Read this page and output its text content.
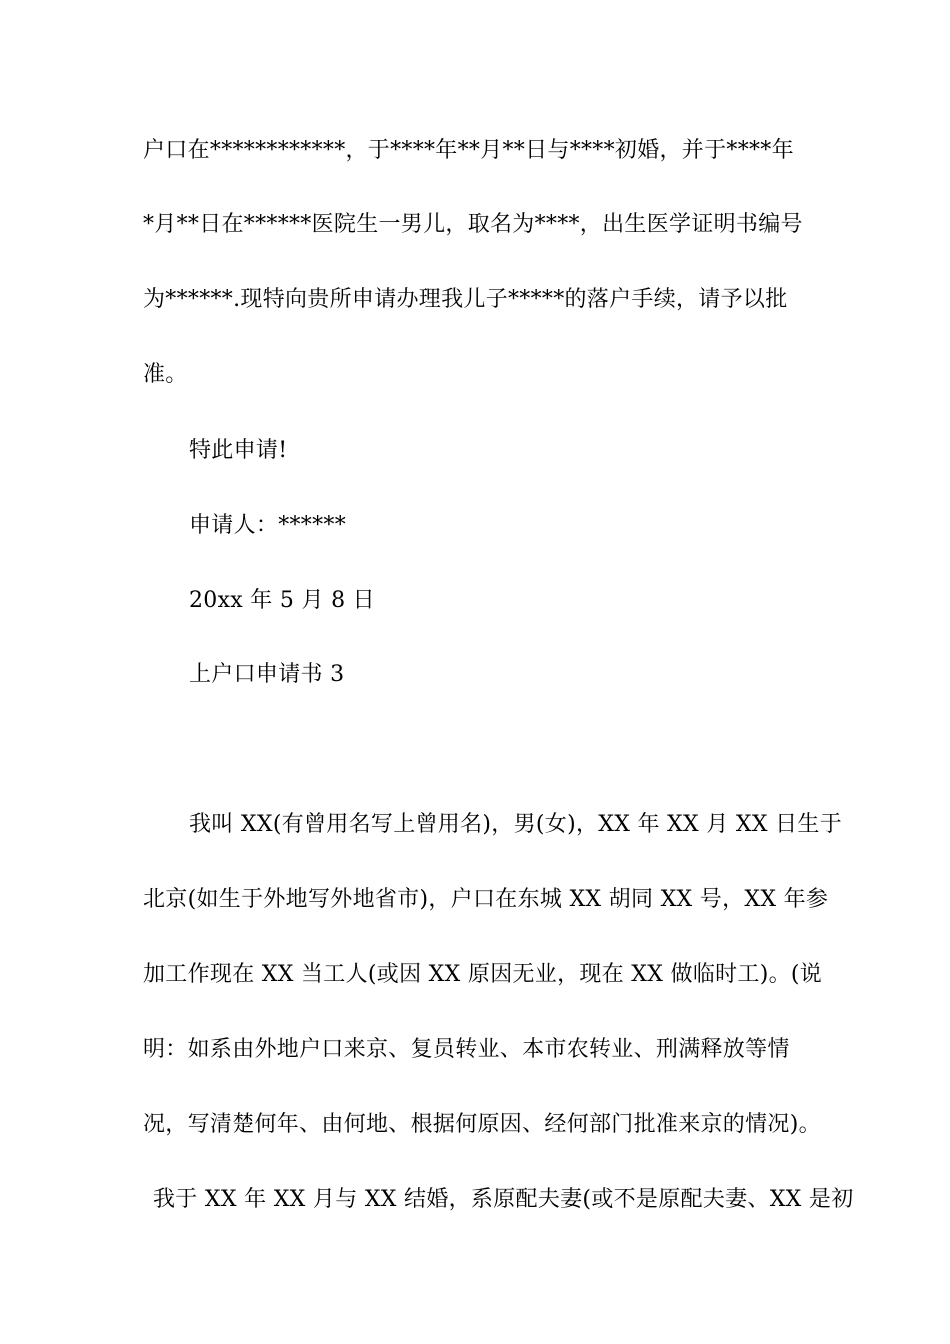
户口在************，于****年**月**日与****初婚，并于****年
*月**日在******医院生一男儿，取名为****，出生医学证明书编号
为******.现特向贵所申请办理我儿子*****的落户手续，请予以批
准。
特此申请!
申请人：******
20xx 年 5 月 8 日
上户口申请书 3
我叫 XX(有曾用名写上曾用名)，男(女)，XX 年 XX 月 XX 日生于
北京(如生于外地写外地省市)，户口在东城 XX 胡同 XX 号，XX 年参
加工作现在 XX 当工人(或因 XX 原因无业，现在 XX 做临时工)。(说
明：如系由外地户口来京、复员转业、本市农转业、刑满释放等情
况，写清楚何年、由何地、根据何原因、经何部门批准来京的情况)。
我于 XX 年 XX 月与 XX 结婚，系原配夫妻(或不是原配夫妻、XX 是初
